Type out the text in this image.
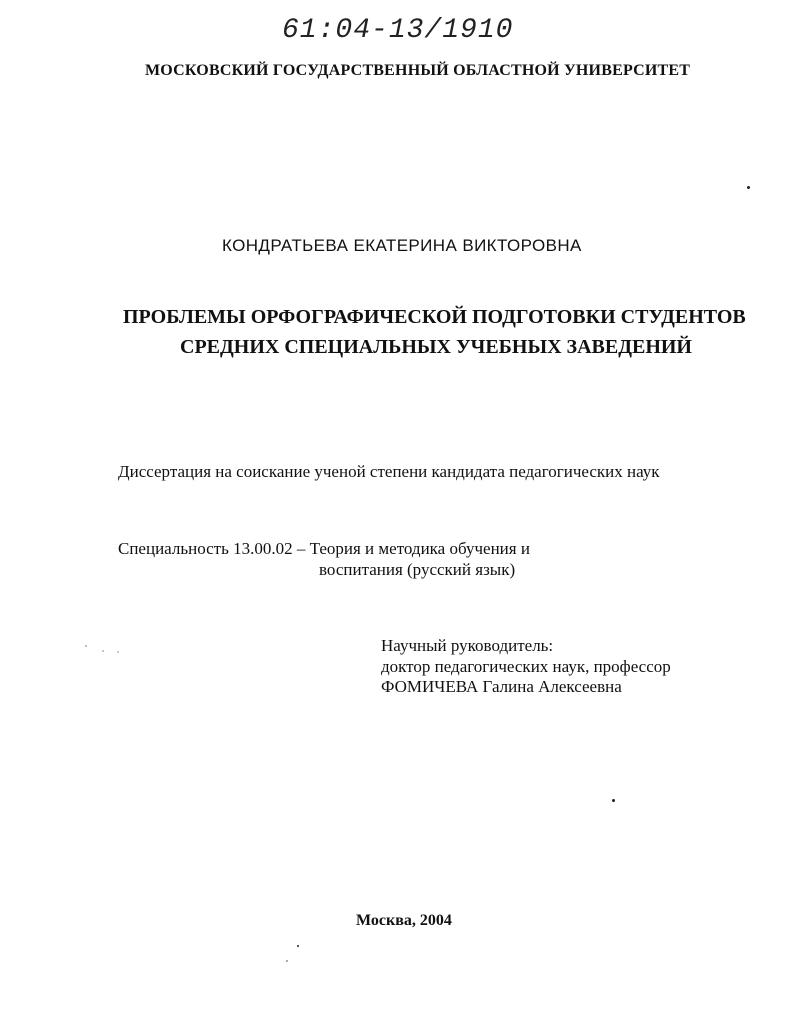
61:04-13/1910
МОСКОВСКИЙ ГОСУДАРСТВЕННЫЙ ОБЛАСТНОЙ УНИВЕРСИТЕТ
КОНДРАТЬЕВА ЕКАТЕРИНА ВИКТОРОВНА
ПРОБЛЕМЫ ОРФОГРАФИЧЕСКОЙ ПОДГОТОВКИ СТУДЕНТОВ
СРЕДНИХ СПЕЦИАЛЬНЫХ УЧЕБНЫХ ЗАВЕДЕНИЙ
Диссертация на соискание ученой степени кандидата педагогических наук
Специальность 13.00.02 – Теория и методика обучения и
воспитания (русский язык)
Научный руководитель:
доктор педагогических наук, профессор
ФОМИЧЕВА Галина Алексеевна
Москва, 2004
